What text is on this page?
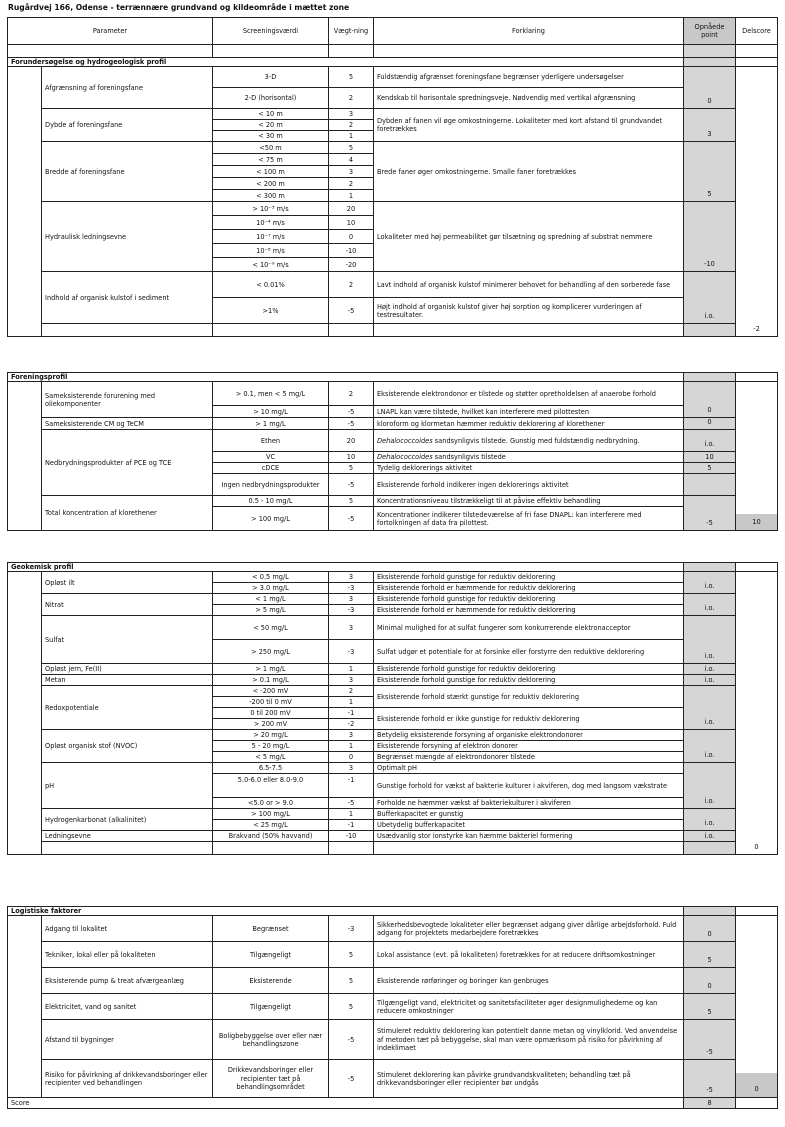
Rugårdvej 166, Odense - terrænnære grundvand og kildeområde i mættet zone
Parameter		Screeningsværdi	Vægt-ning	Forklaring	Opnåede point	Delscore

Forundersøgelse og hydrogeologisk profil						
	Afgrænsning af foreningsfane	3-D	5	Fuldstændig afgrænset foreningsfane begrænser yderligere undersøgelser	0	-2
		2-D (horisontal)	2	Kendskab til horisontale spredningsveje. Nødvendig med vertikal afgrænsning		
	Dybde af foreningsfane	< 10 m	3	Dybden af fanen vil øge omkostningerne. Lokaliteter med kort afstand til grundvandet foretrækkes	3	
		< 20 m	2			
		< 30 m	1			
	Bredde af foreningsfane	<50 m	5	Brede faner øger omkostningerne. Smalle faner foretrækkes	5	
		< 75 m	4			
		< 100 m	3			
		< 200 m	2			
		< 300 m	1			
	Hydraulisk ledningsevne	> 10⁻³ m/s	20	Lokaliteter med høj permeabilitet gør tilsætning og spredning af substrat nemmere	-10	
		10⁻⁴ m/s	10			
		10⁻⁷ m/s	0			
		10⁻⁸ m/s	-10			
		< 10⁻⁹ m/s	-20			
	Indhold af organisk kulstof i sediment	< 0.01%	2	Lavt indhold af organisk kulstof minimerer behovet for behandling af den sorberede fase	i.o.	
		>1%	-5	Højt indhold af organisk kulstof giver høj sorption og komplicerer vurderingen af testresultater.		

Foreningsprofil						
	Sameksisterende forurening med oliekomponenter	> 0.1, men < 5 mg/L	2	Eksisterende elektrondonor er tilstede og støtter opretholdelsen af anaerobe forhold	0	10

		> 10 mg/L	-5	LNAPL kan være tilstede, hvilket kan interferere med pilottesten		
	Sameksisterende CM og TeCM	> 1 mg/L	-5	kloroform og klormetan hæmmer reduktiv deklorering af klorethener	0	
	Nedbrydningsprodukter af PCE og TCE	Ethen	20	Dehalococcoides sandsynligvis tilstede. Gunstig med fuldstændig nedbrydning.	i.o.	
		VC	10	Dehalococcoides sandsynligvis tilstede	10	
		cDCE	5	Tydelig deklorerings aktivitet	5	
		Ingen nedbrydningsprodukter	-5	Eksisterende forhold indikerer ingen deklorerings aktivitet		
	Total koncentration af klorethener	0.5 - 10 mg/L	5	Koncentrationsniveau tilstrækkeligt til at påvise effektiv behandling	-5	
		> 100 mg/L	-5	Koncentrationer indikerer tilstedeværelse af fri fase DNAPL: kan interferere med fortolkningen af data fra pilottest.		
Geokemisk profil						
	Opløst ilt	< 0.5 mg/L	3	Eksisterende forhold gunstige for reduktiv deklorering	i.o.	0
		> 3.0 mg/L	-3	Eksisterende forhold er hæmmende for reduktiv deklorering		
	Nitrat	< 1 mg/L	3	Eksisterende forhold gunstige for reduktiv deklorering	i.o.	
		> 5 mg/L	-3	Eksisterende forhold er hæmmende for reduktiv deklorering		
	Sulfat	< 50 mg/L	3	Minimal mulighed for at sulfat fungerer som konkurrerende elektronacceptor	i.o.	
		> 250 mg/L	-3	Sulfat udgør et potentiale for at forsinke eller forstyrre den reduktive deklorering		
	Opløst jern, Fe(II)	> 1 mg/L	1	Eksisterende forhold gunstige for reduktiv deklorering	i.o.	
	Metan	> 0.1 mg/L	3	Eksisterende forhold gunstige for reduktiv deklorering	i.o.	
	Redoxpotentiale	< -200 mV	2	Eksisterende forhold stærkt gunstige for reduktiv deklorering	i.o.	
		-200 til 0 mV	1			
		0 til 200 mV	-1	Eksisterende forhold er ikke gunstige for reduktiv deklorering		
		> 200 mV	-2			
	Opløst organisk stof (NVOC)	> 20 mg/L	3	Betydelig eksisterende forsyning af organiske elektrondonorer	i.o.	
		5 - 20 mg/L	1	Eksisterende forsyning af elektron donorer		
		< 5 mg/L	0	Begrænset mængde af elektrondonorer tilstede		
	pH	6.5-7.5	3	Optimalt pH	i.o.	
		5.0-6.0 eller 8.0-9.0	-1	Gunstige forhold for vækst af bakterie kulturer i akviferen, dog med langsom vækstrate		
		<5.0 or > 9.0	-5	Forholde ne hæmmer vækst af bakteriekulturer i akviferen		
	Hydrogenkarbonat (alkalinitet)	> 100 mg/L	1	Bufferkapacitet er gunstig	i.o.	
		< 25 mg/L	-1	Ubetydelig bufferkapacitet		
	Ledningsevne	Brakvand (50% havvand)	-10	Usædvanlig stor ionstyrke kan hæmme bakteriel formering	i.o.	

Logistiske faktorer						
	Adgang til lokalitet	Begrænset	-3	Sikkerhedsbevogtede lokaliteter eller begrænset adgang giver dårlige arbejdsforhold. Fuld adgang for projektets medarbejdere foretrækkes	0	0

	Tekniker, lokal eller på lokaliteten	Tilgængeligt	5	Lokal assistance (evt. på lokaliteten) foretrækkes for at reducere driftsomkostninger	5	
	Eksisterende pump & treat afværgeanlæg	Eksisterende	5	Eksisterende rørføringer og boringer kan genbruges	0	
	Elektricitet, vand og sanitet	Tilgængeligt	5	Tilgængeligt vand, elektricitet og sanitetsfaciliteter øger designmulighederne og kan reducere omkostninger	5	
	Afstand til bygninger	Boligbebyggelse over eller nær behandlingszone	-5	Stimuleret reduktiv deklorering kan potentielt danne metan og vinylklorid. Ved anvendelse af metoden tæt på bebyggelse, skal man være opmærksom på risiko for påvirkning af indeklimaet	-5	
	Risiko for påvirkning af drikkevandsboringer eller recipienter ved behandlingen	Drikkevandsboringer eller recipienter tæt på behandlingsområdet	-5	Stimuleret deklorering kan påvirke grundvandskvaliteten; behandling tæt på drikkevandsboringer eller recipienter bør undgås	-5	
Score					8	
